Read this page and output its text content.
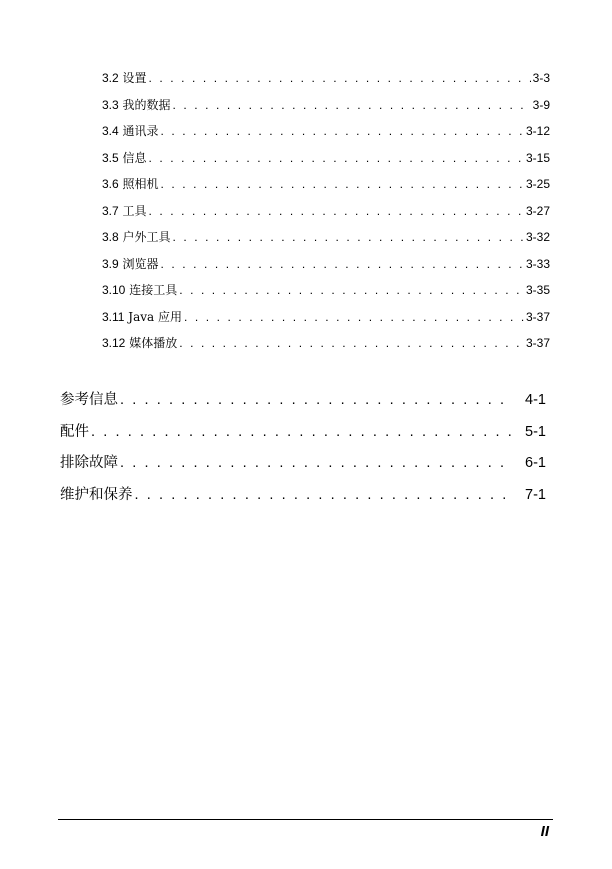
3.2 设置 . . .	3-3
3.3 我的数据 . . .	3-9
3.4 通讯录 . . .	3-12
3.5 信息 . . .	3-15
3.6 照相机 . . .	3-25
3.7 工具 . . .	3-27
3.8 户外工具 . . .	3-32
3.9 浏览器 . . .	3-33
3.10 连接工具 . . .	3-35
3.11 Java 应用 . . .	3-37
3.12 媒体播放 . . .	3-37
参考信息 . . .	4-1
配件 . . .	5-1
排除故障 . . .	6-1
维护和保养 . . .	7-1
II
